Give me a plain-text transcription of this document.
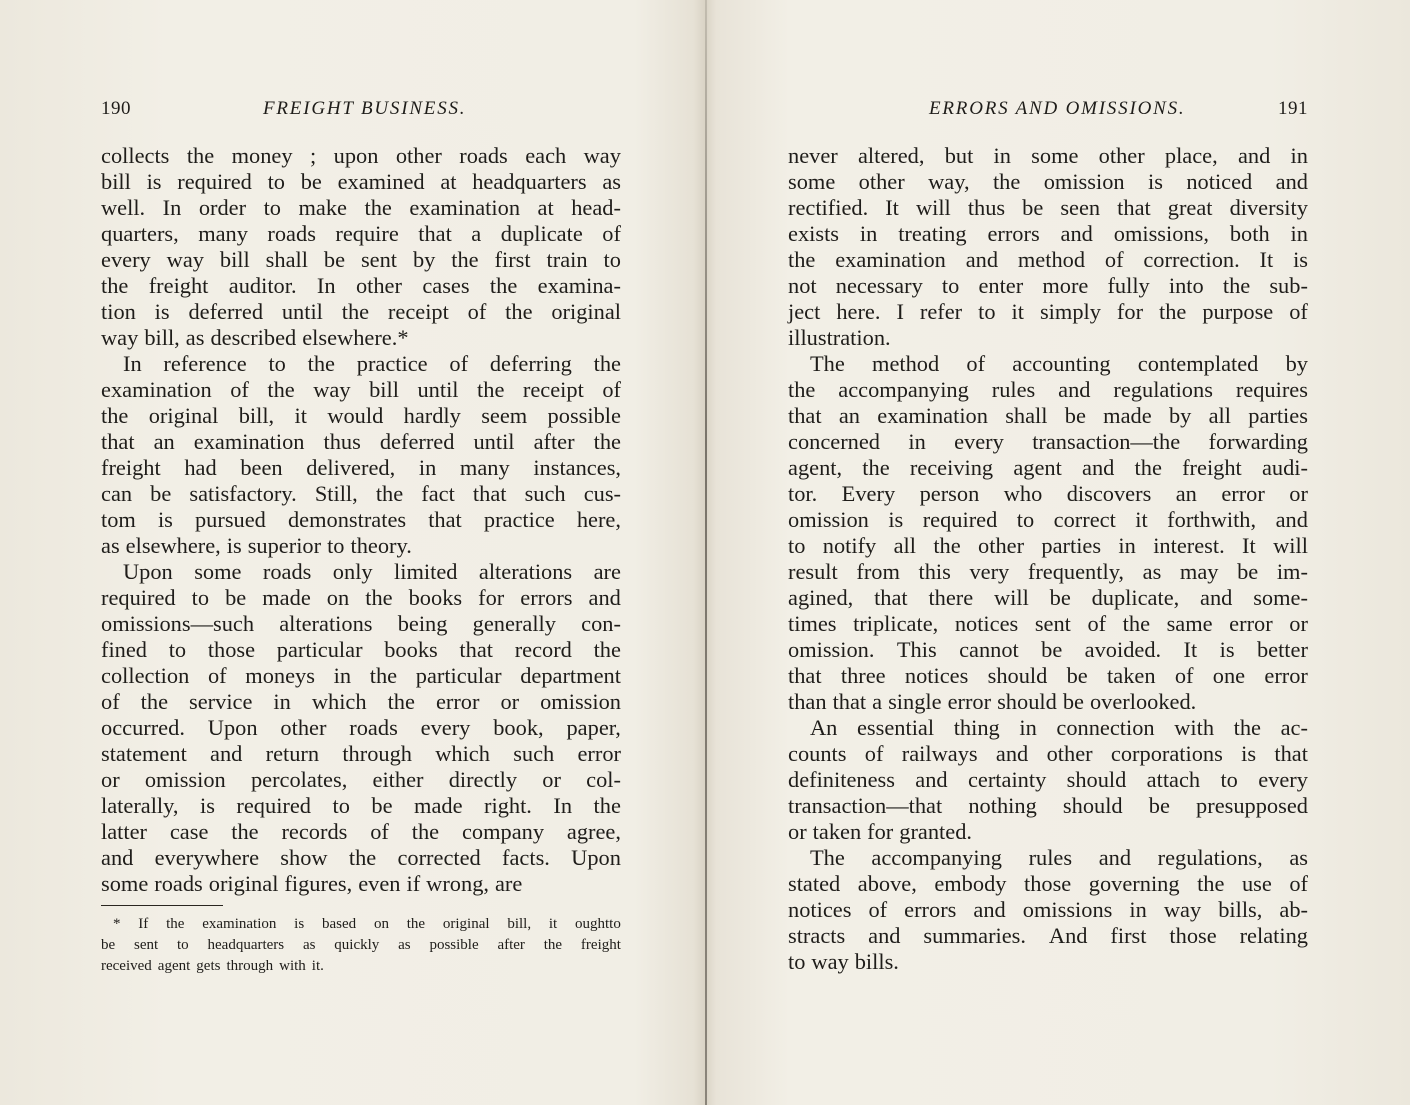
190	FREIGHT BUSINESS.
collects the money ; upon other roads each way
bill is required to be examined at headquarters as
well. In order to make the examination at head-
quarters, many roads require that a duplicate of
every way bill shall be sent by the first train to
the freight auditor. In other cases the examina-
tion is deferred until the receipt of the original
way bill, as described elsewhere.*
In reference to the practice of deferring the
examination of the way bill until the receipt of
the original bill, it would hardly seem possible
that an examination thus deferred until after the
freight had been delivered, in many instances,
can be satisfactory. Still, the fact that such cus-
tom is pursued demonstrates that practice here,
as elsewhere, is superior to theory.
Upon some roads only limited alterations are
required to be made on the books for errors and
omissions—such alterations being generally con-
fined to those particular books that record the
collection of moneys in the particular department
of the service in which the error or omission
occurred. Upon other roads every book, paper,
statement and return through which such error
or omission percolates, either directly or col-
laterally, is required to be made right. In the
latter case the records of the company agree,
and everywhere show the corrected facts. Upon
some roads original figures, even if wrong, are
* If the examination is based on the original bill, it oughtto
be sent to headquarters as quickly as possible after the freight
received agent gets through with it.
ERRORS AND OMISSIONS.	191
never altered, but in some other place, and in
some other way, the omission is noticed and
rectified. It will thus be seen that great diversity
exists in treating errors and omissions, both in
the examination and method of correction. It is
not necessary to enter more fully into the sub-
ject here. I refer to it simply for the purpose of
illustration.
The method of accounting contemplated by
the accompanying rules and regulations requires
that an examination shall be made by all parties
concerned in every transaction—the forwarding
agent, the receiving agent and the freight audi-
tor. Every person who discovers an error or
omission is required to correct it forthwith, and
to notify all the other parties in interest. It will
result from this very frequently, as may be im-
agined, that there will be duplicate, and some-
times triplicate, notices sent of the same error or
omission. This cannot be avoided. It is better
that three notices should be taken of one error
than that a single error should be overlooked.
An essential thing in connection with the ac-
counts of railways and other corporations is that
definiteness and certainty should attach to every
transaction—that nothing should be presupposed
or taken for granted.
The accompanying rules and regulations, as
stated above, embody those governing the use of
notices of errors and omissions in way bills, ab-
stracts and summaries. And first those relating
to way bills.
